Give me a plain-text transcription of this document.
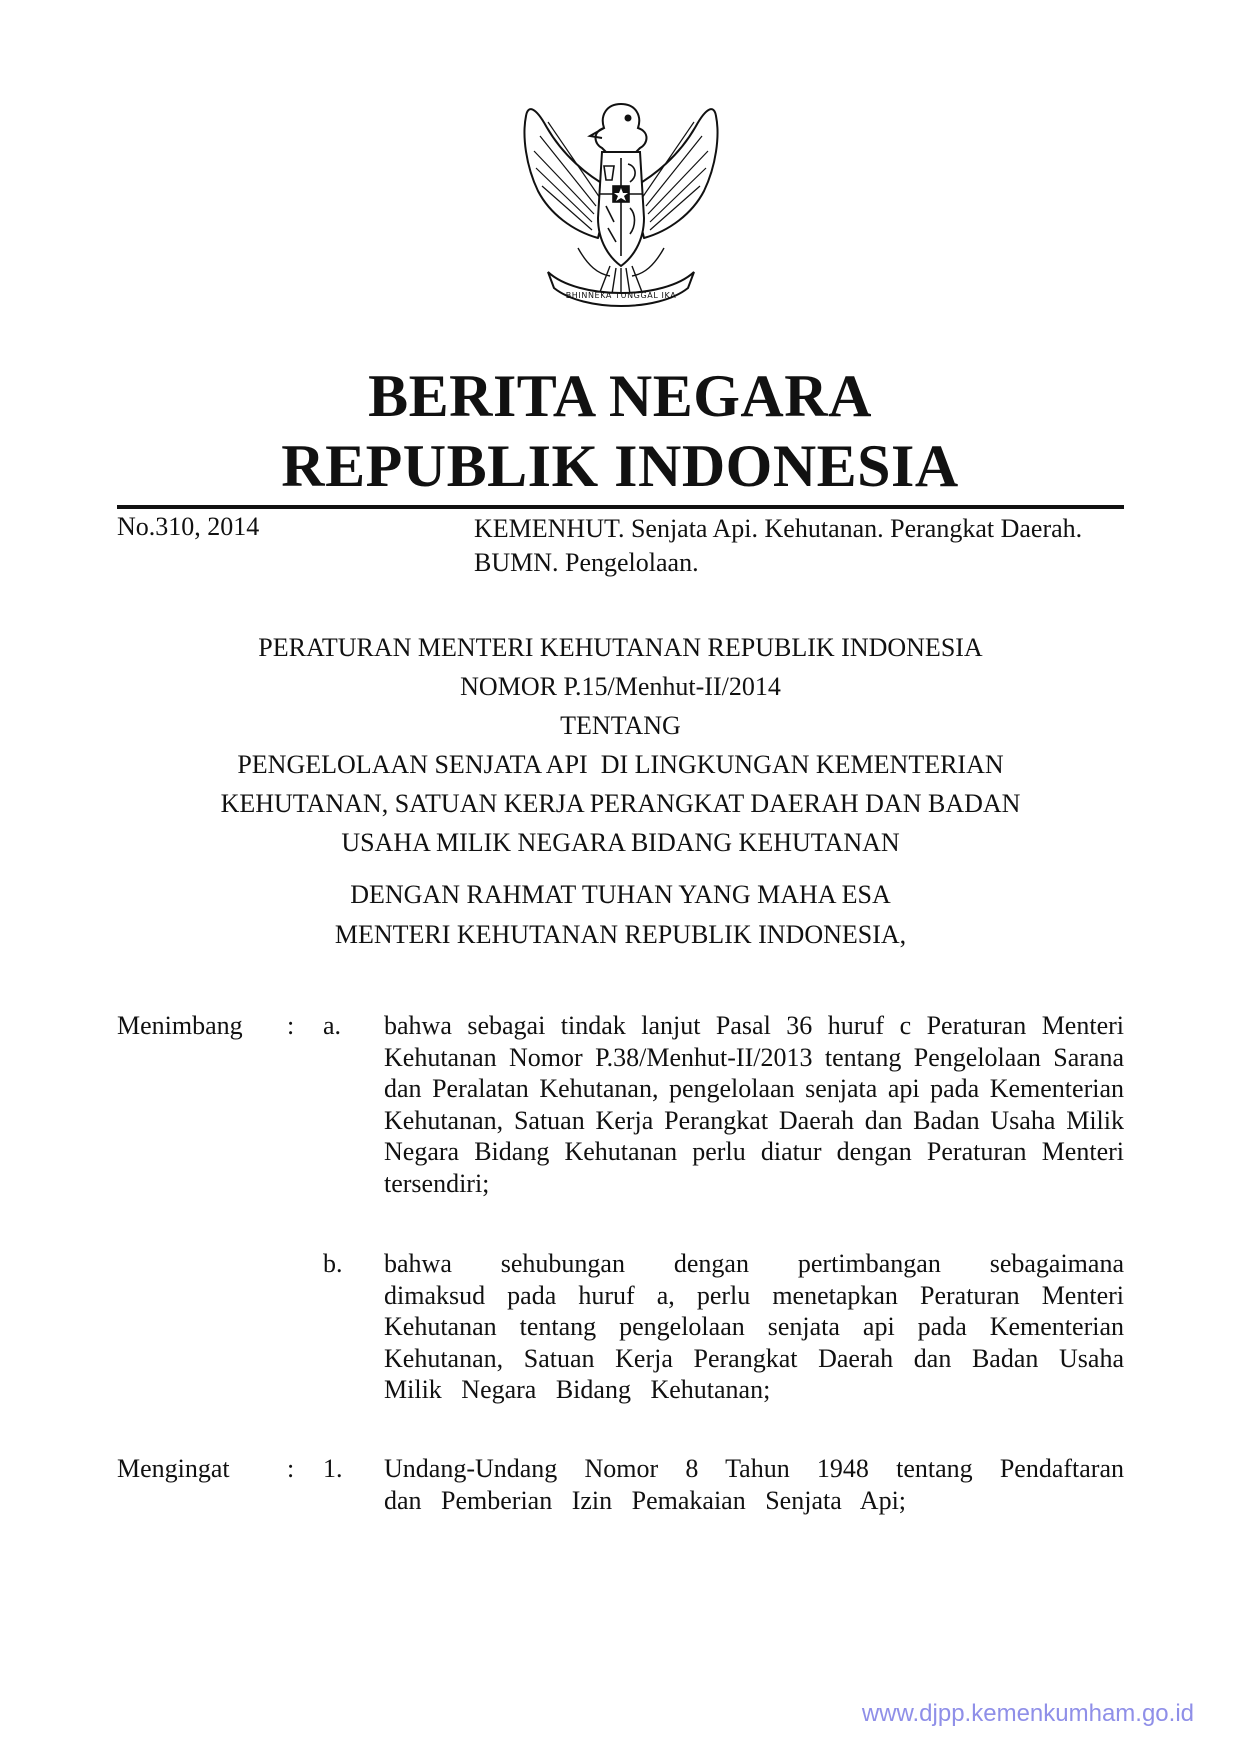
BHINNEKA TUNGGAL IKA
BERITA NEGARA
REPUBLIK INDONESIA
No.310, 2014	KEMENHUT. Senjata Api. Kehutanan. Perangkat Daerah. BUMN. Pengelolaan.
PERATURAN MENTERI KEHUTANAN REPUBLIK INDONESIA
NOMOR P.15/Menhut-II/2014
TENTANG
PENGELOLAAN SENJATA API  DI LINGKUNGAN KEMENTERIAN
KEHUTANAN, SATUAN KERJA PERANGKAT DAERAH DAN BADAN
USAHA MILIK NEGARA BIDANG KEHUTANAN
DENGAN RAHMAT TUHAN YANG MAHA ESA
MENTERI KEHUTANAN REPUBLIK INDONESIA,
Menimbang	: a. bahwa sebagai tindak lanjut Pasal 36 huruf c Peraturan Menteri Kehutanan Nomor P.38/Menhut-II/2013 tentang Pengelolaan Sarana dan Peralatan Kehutanan, pengelolaan senjata api pada Kementerian Kehutanan, Satuan Kerja Perangkat Daerah dan Badan Usaha Milik Negara Bidang Kehutanan perlu diatur dengan Peraturan Menteri tersendiri;
b. bahwa sehubungan dengan pertimbangan sebagaimana dimaksud pada huruf a, perlu menetapkan Peraturan Menteri Kehutanan tentang pengelolaan senjata api pada Kementerian Kehutanan, Satuan Kerja Perangkat Daerah dan Badan Usaha Milik Negara Bidang Kehutanan;
Mengingat	: 1. Undang-Undang Nomor 8 Tahun 1948 tentang Pendaftaran dan Pemberian Izin Pemakaian Senjata Api;
www.djpp.kemenkumham.go.id
